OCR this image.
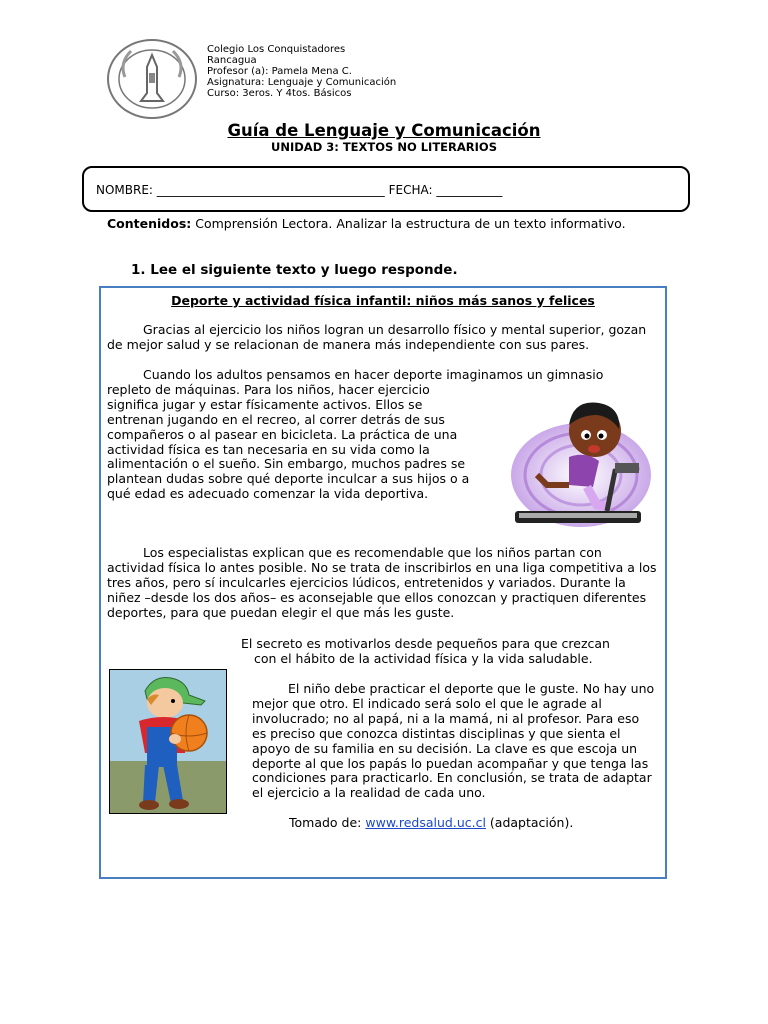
Colegio Los Conquistadores
Rancagua
Profesor (a): Pamela Mena C.
Asignatura: Lenguaje y Comunicación
Curso: 3eros. Y 4tos. Básicos
Guía de Lenguaje y Comunicación
UNIDAD 3: TEXTOS NO LITERARIOS
NOMBRE: ______________________________________ FECHA: ___________
Contenidos: Comprensión Lectora. Analizar la estructura de un texto informativo.
1. Lee el siguiente texto y luego responde.
Deporte y actividad física infantil: niños más sanos y felices
Gracias al ejercicio los niños logran un desarrollo físico y mental superior, gozan de mejor salud y se relacionan de manera más independiente con sus pares.
Cuando los adultos pensamos en hacer deporte imaginamos un gimnasio
repleto de máquinas. Para los niños, hacer ejercicio significa jugar y estar físicamente activos. Ellos se entrenan jugando en el recreo, al correr detrás de sus compañeros o al pasear en bicicleta. La práctica de una actividad física es tan necesaria en su vida como la alimentación o el sueño. Sin embargo, muchos padres se plantean dudas sobre qué deporte inculcar a sus hijos o a qué edad es adecuado comenzar la vida deportiva.
Los especialistas explican que es recomendable que los niños partan con actividad física lo antes posible. No se trata de inscribirlos en una liga competitiva a los tres años, pero sí inculcarles ejercicios lúdicos, entretenidos y variados. Durante la niñez –desde los dos años– es aconsejable que ellos conozcan y practiquen diferentes deportes, para que puedan elegir el que más les guste.
El secreto es motivarlos desde pequeños para que crezcan
con el hábito de la actividad física y la vida saludable.
El niño debe practicar el deporte que le guste. No hay uno mejor que otro. El indicado será solo el que le agrade al involucrado; no al papá, ni a la mamá, ni al profesor. Para eso es preciso que conozca distintas disciplinas y que sienta el apoyo de su familia en su decisión. La clave es que escoja un deporte al que los papás lo puedan acompañar y que tenga las condiciones para practicarlo. En conclusión, se trata de adaptar el ejercicio a la realidad de cada uno.
Tomado de: www.redsalud.uc.cl (adaptación).
